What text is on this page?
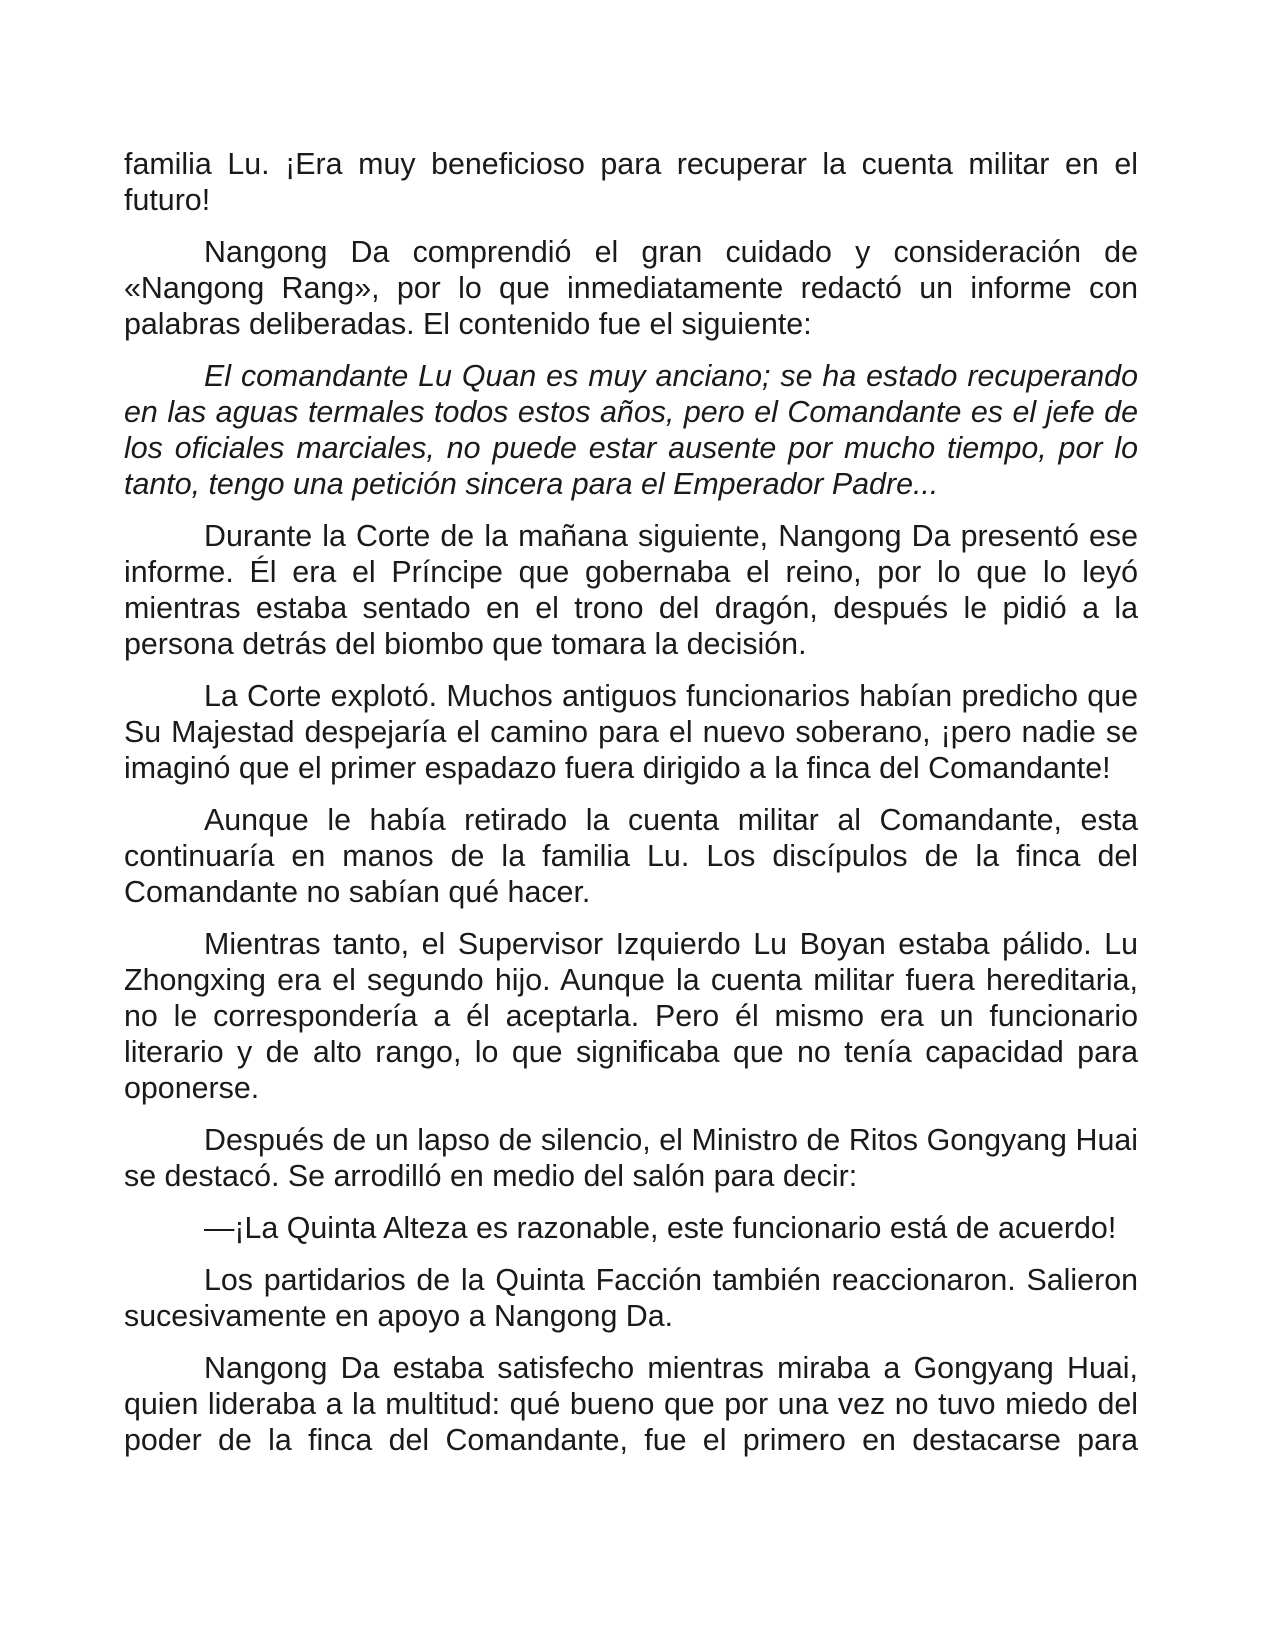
familia Lu. ¡Era muy beneficioso para recuperar la cuenta militar en el futuro!

Nangong Da comprendió el gran cuidado y consideración de «Nangong Rang», por lo que inmediatamente redactó un informe con palabras deliberadas. El contenido fue el siguiente:

El comandante Lu Quan es muy anciano; se ha estado recuperando en las aguas termales todos estos años, pero el Comandante es el jefe de los oficiales marciales, no puede estar ausente por mucho tiempo, por lo tanto, tengo una petición sincera para el Emperador Padre...

Durante la Corte de la mañana siguiente, Nangong Da presentó ese informe. Él era el Príncipe que gobernaba el reino, por lo que lo leyó mientras estaba sentado en el trono del dragón, después le pidió a la persona detrás del biombo que tomara la decisión.

La Corte explotó. Muchos antiguos funcionarios habían predicho que Su Majestad despejaría el camino para el nuevo soberano, ¡pero nadie se imaginó que el primer espadazo fuera dirigido a la finca del Comandante!

Aunque le había retirado la cuenta militar al Comandante, esta continuaría en manos de la familia Lu. Los discípulos de la finca del Comandante no sabían qué hacer.

Mientras tanto, el Supervisor Izquierdo Lu Boyan estaba pálido. Lu Zhongxing era el segundo hijo. Aunque la cuenta militar fuera hereditaria, no le correspondería a él aceptarla. Pero él mismo era un funcionario literario y de alto rango, lo que significaba que no tenía capacidad para oponerse.

Después de un lapso de silencio, el Ministro de Ritos Gongyang Huai se destacó. Se arrodilló en medio del salón para decir:

—¡La Quinta Alteza es razonable, este funcionario está de acuerdo!

Los partidarios de la Quinta Facción también reaccionaron. Salieron sucesivamente en apoyo a Nangong Da.

Nangong Da estaba satisfecho mientras miraba a Gongyang Huai, quien lideraba a la multitud: qué bueno que por una vez no tuvo miedo del poder de la finca del Comandante, fue el primero en destacarse para
